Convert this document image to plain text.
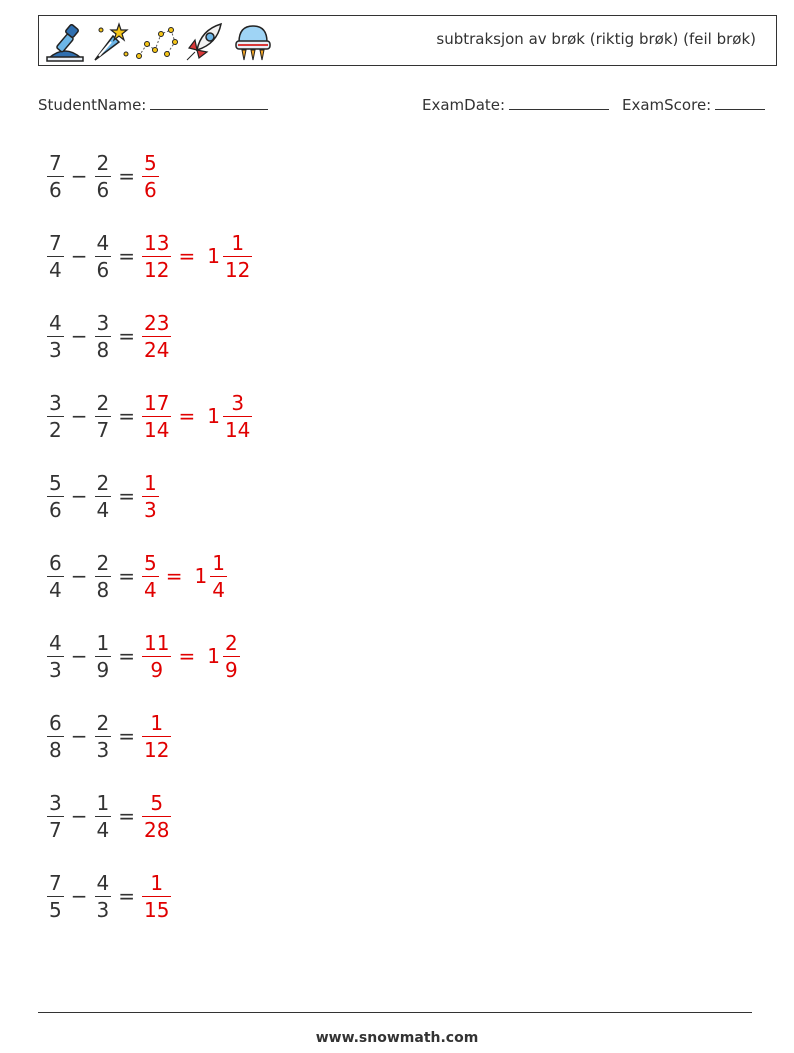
subtraksjon av brøk (riktig brøk) (feil brøk)
StudentName:	ExamDate:	ExamScore:
$\frac{7}{6} - \frac{2}{6} = \frac{5}{6}$
$\frac{7}{4} - \frac{4}{6} = \frac{13}{12} = 1 \frac{1}{12}$
$\frac{4}{3} - \frac{3}{8} = \frac{23}{24}$
$\frac{3}{2} - \frac{2}{7} = \frac{17}{14} = 1 \frac{3}{14}$
$\frac{5}{6} - \frac{2}{4} = \frac{1}{3}$
$\frac{6}{4} - \frac{2}{8} = \frac{5}{4} = 1 \frac{1}{4}$
$\frac{4}{3} - \frac{1}{9} = \frac{11}{9} = 1 \frac{2}{9}$
$\frac{6}{8} - \frac{2}{3} = \frac{1}{12}$
$\frac{3}{7} - \frac{1}{4} = \frac{5}{28}$
$\frac{7}{5} - \frac{4}{3} = \frac{1}{15}$
www.snowmath.com
